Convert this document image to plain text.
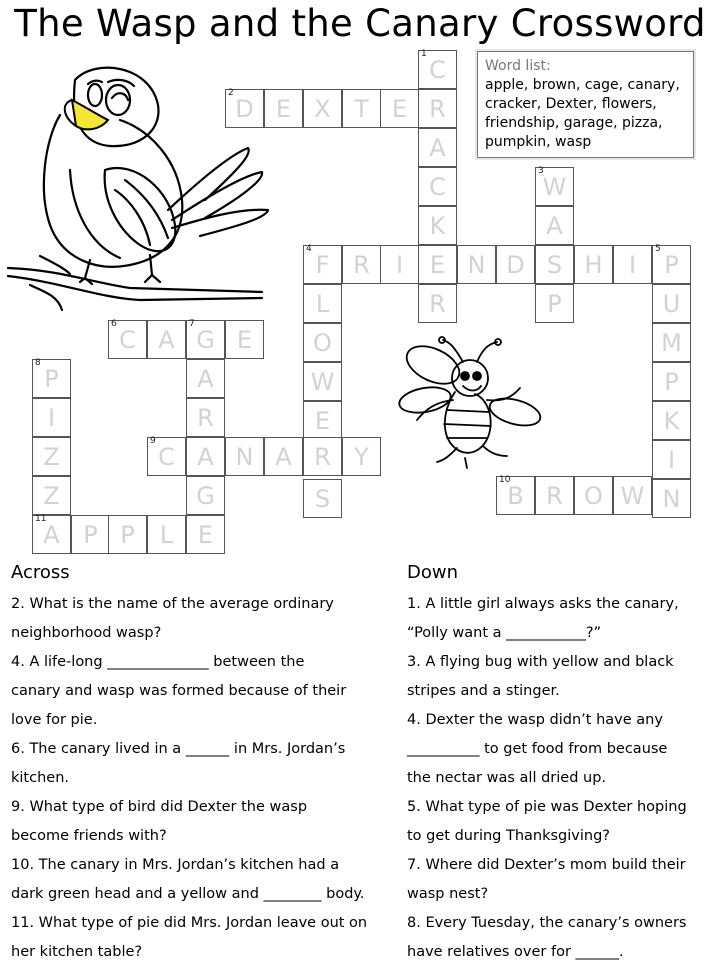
The Wasp and the Canary Crossword
C
R
A
C
K
E
R
D E X T E
W
A
S
P
F R	I	N D	H	I	P
L
O
W
E
S
U
M
P
K
I
N
C A G E
A
R
G
E
P
I
Z
Z
C A N A R Y
B R O W
A P P	L
1
2
3
4	5
6	7
8
9
10
11
Word list:
apple, brown, cage, canary, cracker, Dexter, flowers, friendship, garage, pizza, pumpkin, wasp
Across
2. What is the name of the average ordinary
neighborhood wasp?
4. A life-long ______________ between the
canary and wasp was formed because of their
love for pie.
6. The canary lived in a ______ in Mrs. Jordan’s
kitchen.
9. What type of bird did Dexter the wasp
become friends with?
10. The canary in Mrs. Jordan’s kitchen had a
dark green head and a yellow and ________ body.
11. What type of pie did Mrs. Jordan leave out on
her kitchen table?
Down
1. A little girl always asks the canary,
“Polly want a ___________?”
3. A flying bug with yellow and black
stripes and a stinger.
4. Dexter the wasp didn’t have any
__________ to get food from because
the nectar was all dried up.
5. What type of pie was Dexter hoping
to get during Thanksgiving?
7. Where did Dexter’s mom build their
wasp nest?
8. Every Tuesday, the canary’s owners
have relatives over for ______.
